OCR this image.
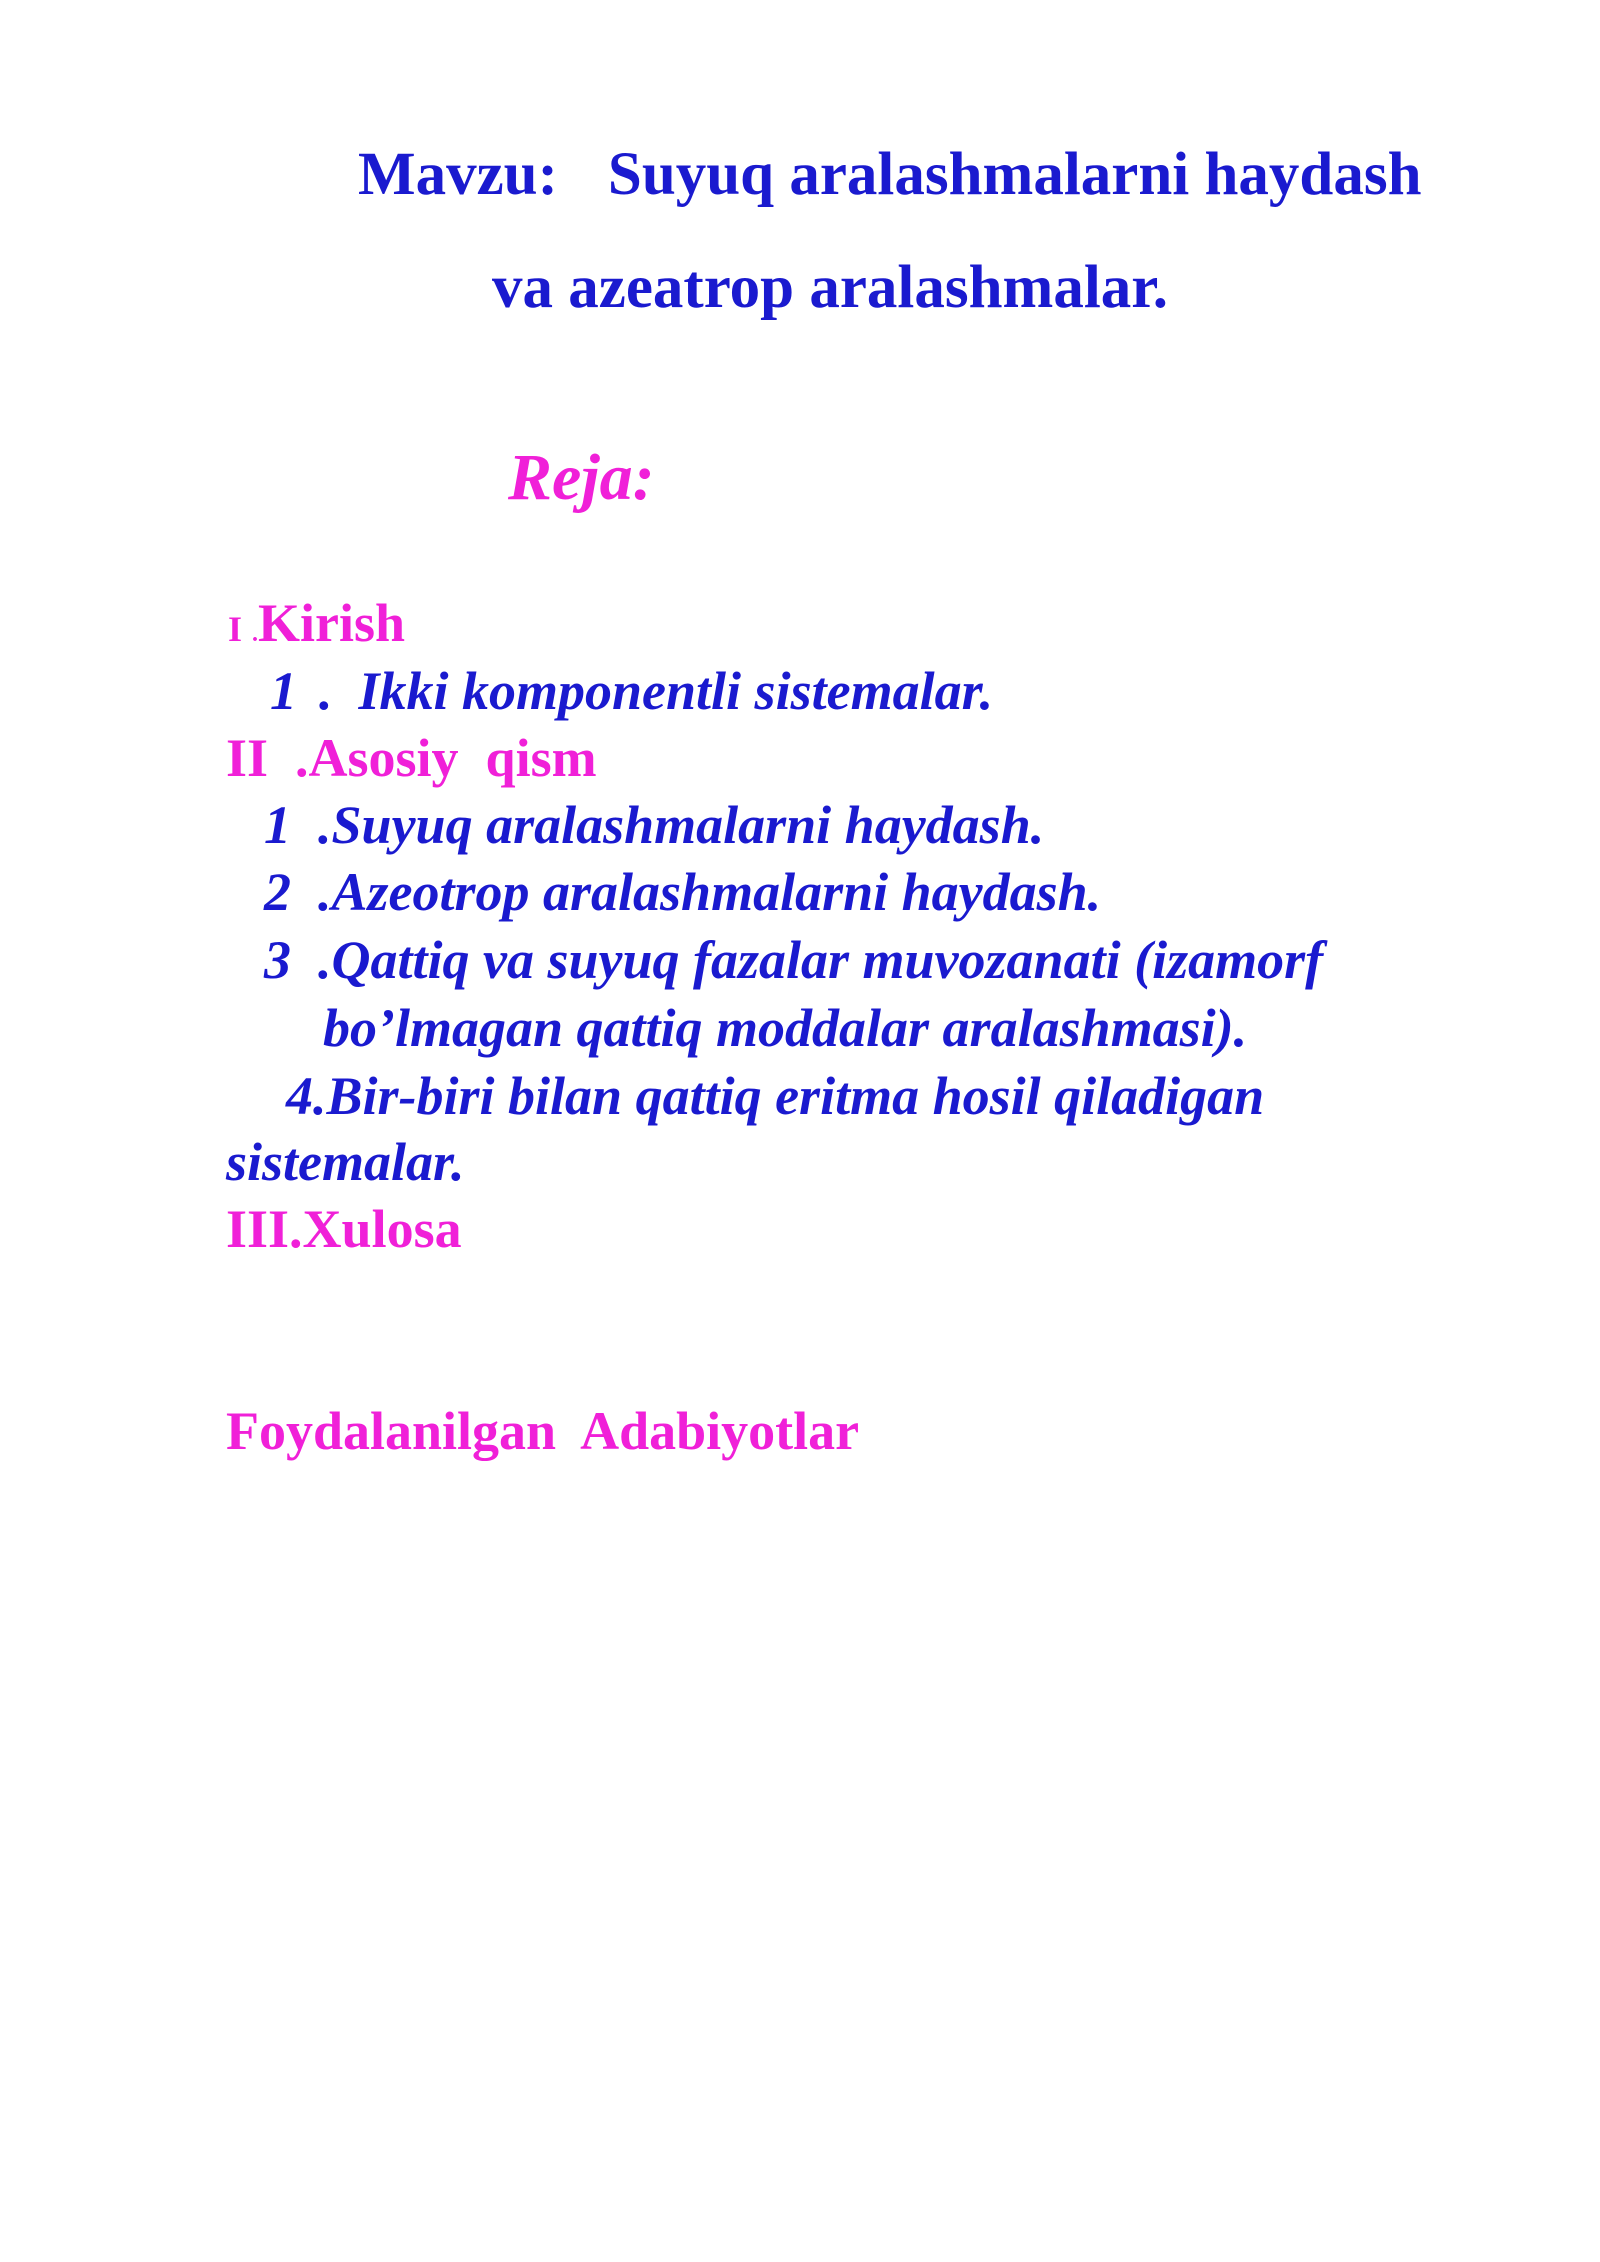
Mavzu: Suyuq aralashmalarni haydash
va azeatrop aralashmalar.
Reja:
I .Kirish
1 . Ikki komponentli sistemalar.
II  .Asosiy  qism
1  .Suyuq aralashmalarni haydash.
2  .Azeotrop aralashmalarni haydash.
3  .Qattiq va suyuq fazalar muvozanati (izamorf
bo’lmagan qattiq moddalar aralashmasi).
4.Bir-biri bilan qattiq eritma hosil qiladigan
sistemalar.
III.Xulosa
Foydalanilgan  Adabiyotlar
